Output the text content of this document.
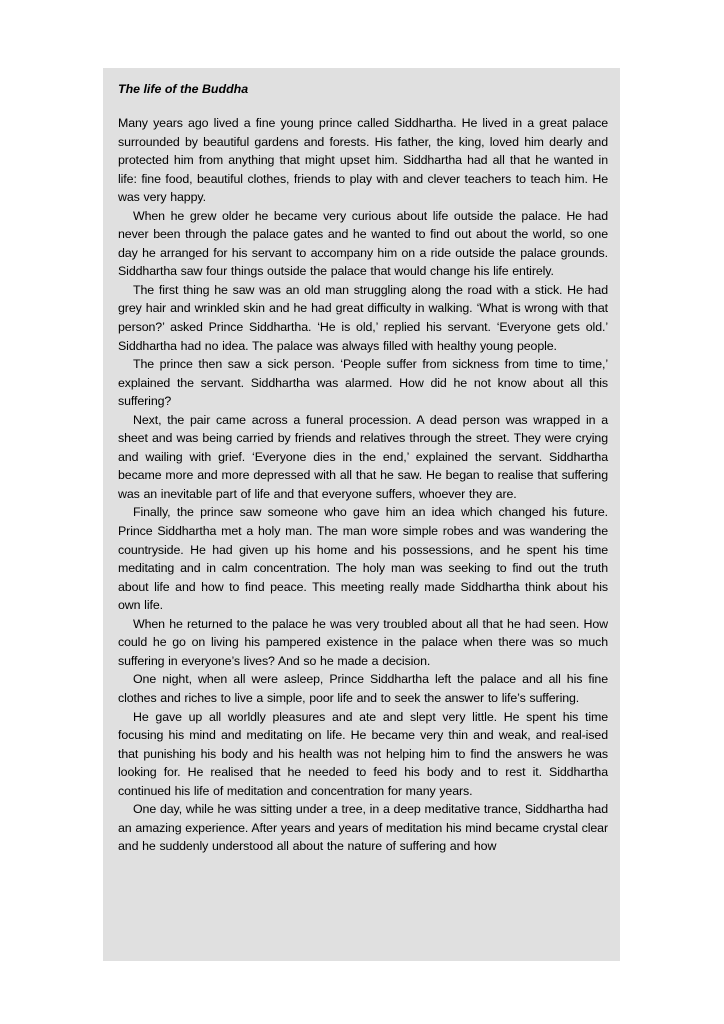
The life of the Buddha

Many years ago lived a fine young prince called Siddhartha. He lived in a great palace surrounded by beautiful gardens and forests. His father, the king, loved him dearly and protected him from anything that might upset him. Siddhartha had all that he wanted in life: fine food, beautiful clothes, friends to play with and clever teachers to teach him. He was very happy.

When he grew older he became very curious about life outside the palace. He had never been through the palace gates and he wanted to find out about the world, so one day he arranged for his servant to accompany him on a ride outside the palace grounds. Siddhartha saw four things outside the palace that would change his life entirely.

The first thing he saw was an old man struggling along the road with a stick. He had grey hair and wrinkled skin and he had great difficulty in walking. ‘What is wrong with that person?’ asked Prince Siddhartha. ‘He is old,’ replied his servant. ‘Everyone gets old.’ Siddhartha had no idea. The palace was always filled with healthy young people.

The prince then saw a sick person. ‘People suffer from sickness from time to time,’ explained the servant. Siddhartha was alarmed. How did he not know about all this suffering?

Next, the pair came across a funeral procession. A dead person was wrapped in a sheet and was being carried by friends and relatives through the street. They were crying and wailing with grief. ‘Everyone dies in the end,’ explained the servant. Siddhartha became more and more depressed with all that he saw. He began to realise that suffering was an inevitable part of life and that everyone suffers, whoever they are.

Finally, the prince saw someone who gave him an idea which changed his future. Prince Siddhartha met a holy man. The man wore simple robes and was wandering the countryside. He had given up his home and his possessions, and he spent his time meditating and in calm concentration. The holy man was seeking to find out the truth about life and how to find peace. This meeting really made Siddhartha think about his own life.

When he returned to the palace he was very troubled about all that he had seen. How could he go on living his pampered existence in the palace when there was so much suffering in everyone’s lives? And so he made a decision.

One night, when all were asleep, Prince Siddhartha left the palace and all his fine clothes and riches to live a simple, poor life and to seek the answer to life’s suffering.

He gave up all worldly pleasures and ate and slept very little. He spent his time focusing his mind and meditating on life. He became very thin and weak, and real-ised that punishing his body and his health was not helping him to find the answers he was looking for. He realised that he needed to feed his body and to rest it. Siddhartha continued his life of meditation and concentration for many years.

One day, while he was sitting under a tree, in a deep meditative trance, Siddhartha had an amazing experience. After years and years of meditation his mind became crystal clear and he suddenly understood all about the nature of suffering and how
